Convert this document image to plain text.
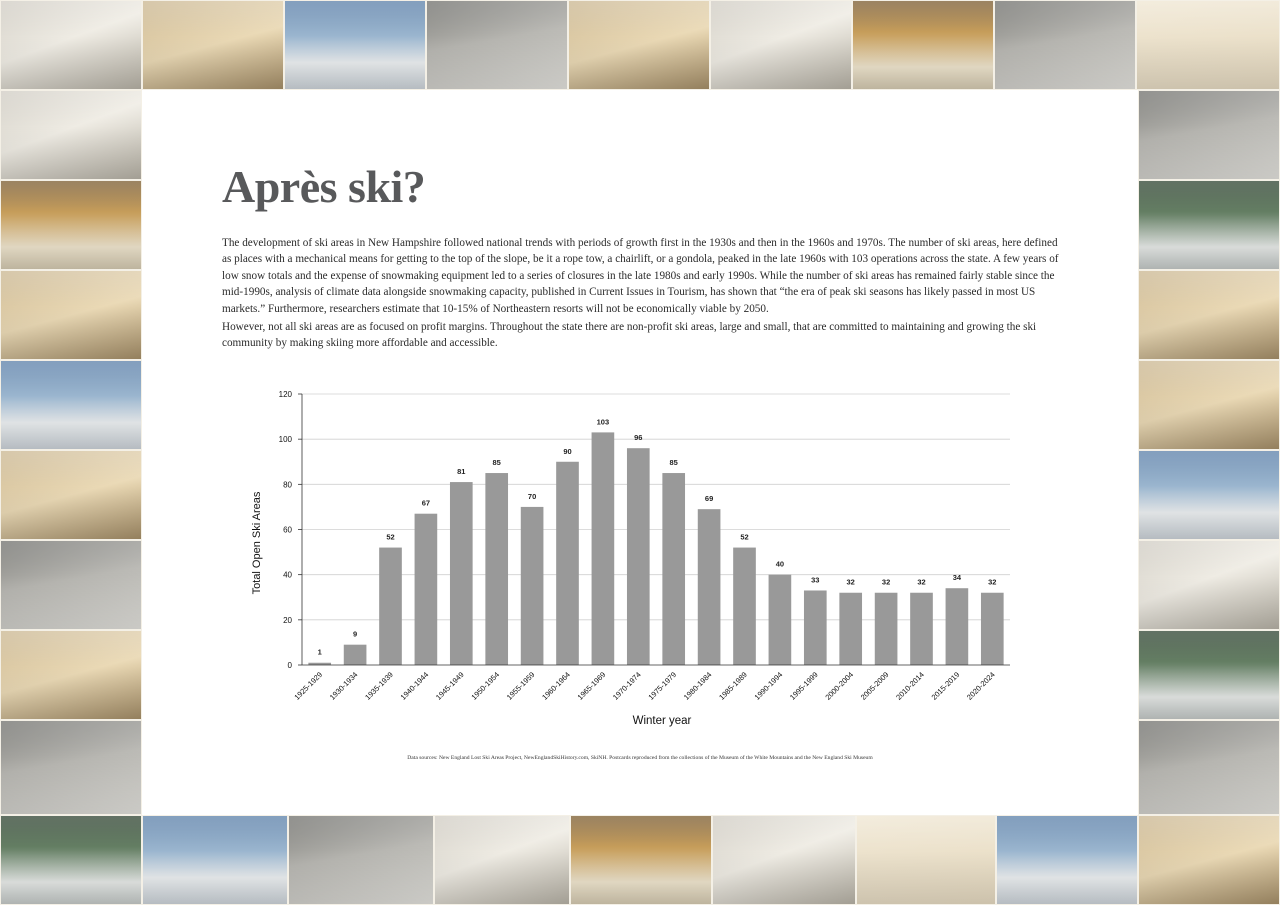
Après ski?

The development of ski areas in New Hampshire followed national trends with periods of growth first in the 1930s and then in the 1960s and 1970s. The number of ski areas, here defined as places with a mechanical means for getting to the top of the slope, be it a rope tow, a chairlift, or a gondola, peaked in the late 1960s with 103 operations across the state. A few years of low snow totals and the expense of snowmaking equipment led to a series of closures in the late 1980s and early 1990s. While the number of ski areas has remained fairly stable since the mid-1990s, analysis of climate data alongside snowmaking capacity, published in Current Issues in Tourism, has shown that “the era of peak ski seasons has likely passed in most US markets.” Furthermore, researchers estimate that 10-15% of Northeastern resorts will not be economically viable by 2050.

However, not all ski areas are as focused on profit margins. Throughout the state there are non-profit ski areas, large and small, that are committed to maintaining and growing the ski community by making skiing more affordable and accessible.

0
20
40
60
80
100
120
1
1925-1929
9
1930-1934
52
1935-1939
67
1940-1944
81
1945-1949
85
1950-1954
70
1955-1959
90
1960-1964
103
1965-1969
96
1970-1974
85
1975-1979
69
1980-1984
52
1985-1989
40
1990-1994
33
1995-1999
32
2000-2004
32
2005-2009
32
2010-2014
34
2015-2019
32
2020-2024
Total Open Ski Areas
Winter year
Data sources: New England Lost Ski Areas Project, NewEnglandSkiHistory.com, SkiNH. Postcards reproduced from the collections of the Museum of the White Mountains and the New England Ski Museum
